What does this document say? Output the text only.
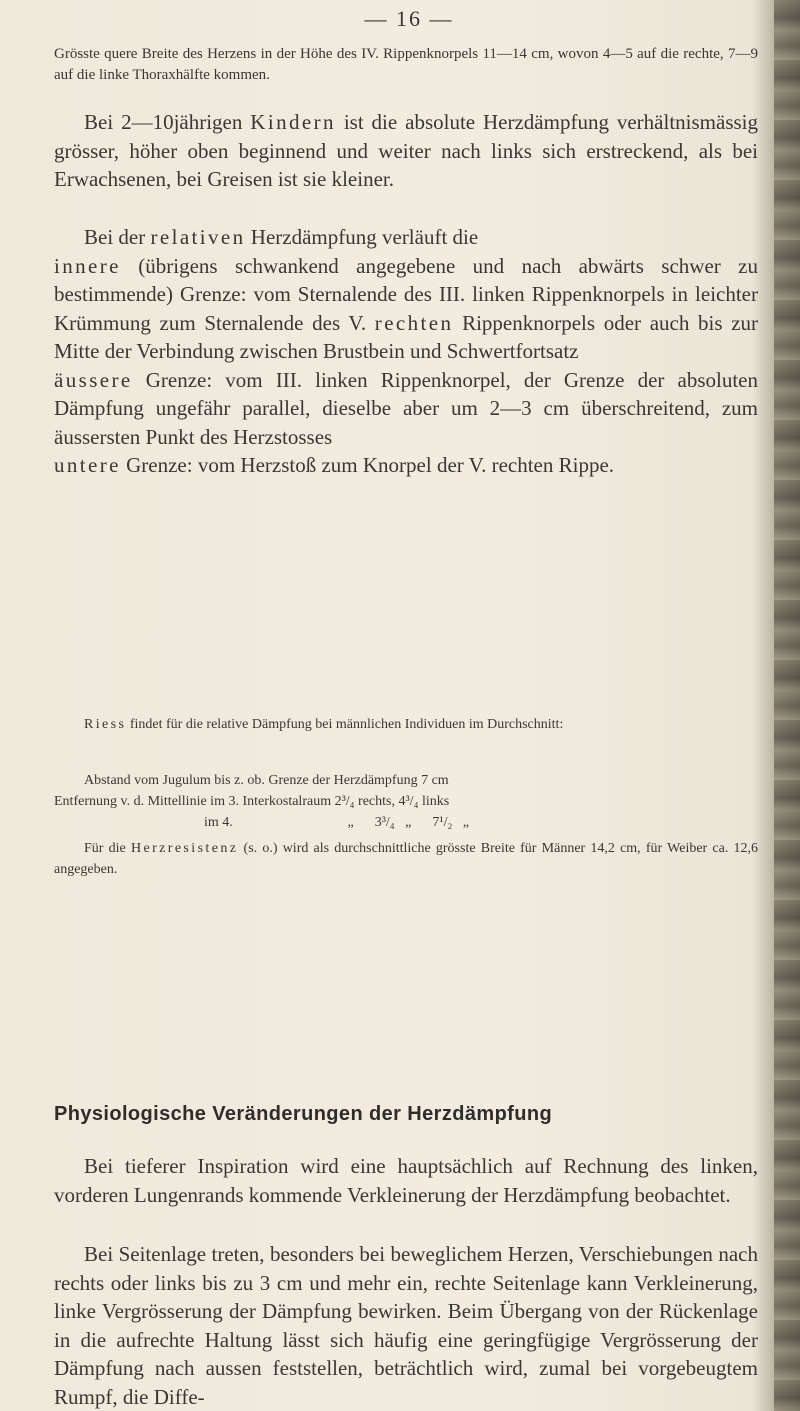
— 16 —

Grösste quere Breite des Herzens in der Höhe des IV. Rippenknorpels 11—14 cm, wovon 4—5 auf die rechte, 7—9 auf die linke Thoraxhälfte kommen.

Bei 2—10jährigen Kindern ist die absolute Herzdämpfung verhältnismässig grösser, höher oben beginnend und weiter nach links sich erstreckend, als bei Erwachsenen, bei Greisen ist sie kleiner.

Bei der relativen Herzdämpfung verläuft die
innere (übrigens schwankend angegebene und nach abwärts schwer zu bestimmende) Grenze: vom Sternalende des III. linken Rippenknorpels in leichter Krümmung zum Sternalende des V. rechten Rippenknorpels oder auch bis zur Mitte der Verbindung zwischen Brustbein und Schwertfortsatz
äussere Grenze: vom III. linken Rippenknorpel, der Grenze der absoluten Dämpfung ungefähr parallel, dieselbe aber um 2—3 cm überschreitend, zum äussersten Punkt des Herzstosses
untere Grenze: vom Herzstoß zum Knorpel der V. rechten Rippe.

Riess findet für die relative Dämpfung bei männlichen Individuen im Durchschnitt:

Abstand vom Jugulum bis z. ob. Grenze der Herzdämpfung 7 cm
Entfernung v. d. Mittellinie im 3. Interkostalraum 2³/₄ rechts, 4³/₄ links
im 4.	„      3³/₄   „      7¹/₂   „

Für die Herzresistenz (s. o.) wird als durchschnittliche grösste Breite für Männer 14,2 cm, für Weiber ca. 12,6 angegeben.

Physiologische Veränderungen der Herzdämpfung

Bei tieferer Inspiration wird eine hauptsächlich auf Rechnung des linken, vorderen Lungenrands kommende Verkleinerung der Herzdämpfung beobachtet.

Bei Seitenlage treten, besonders bei beweglichem Herzen, Verschiebungen nach rechts oder links bis zu 3 cm und mehr ein, rechte Seitenlage kann Verkleinerung, linke Vergrösserung der Dämpfung bewirken. Beim Übergang von der Rückenlage in die aufrechte Haltung lässt sich häufig eine geringfügige Vergrösserung der Dämpfung nach aussen feststellen, beträchtlich wird, zumal bei vorgebeugtem Rumpf, die Diffe-
